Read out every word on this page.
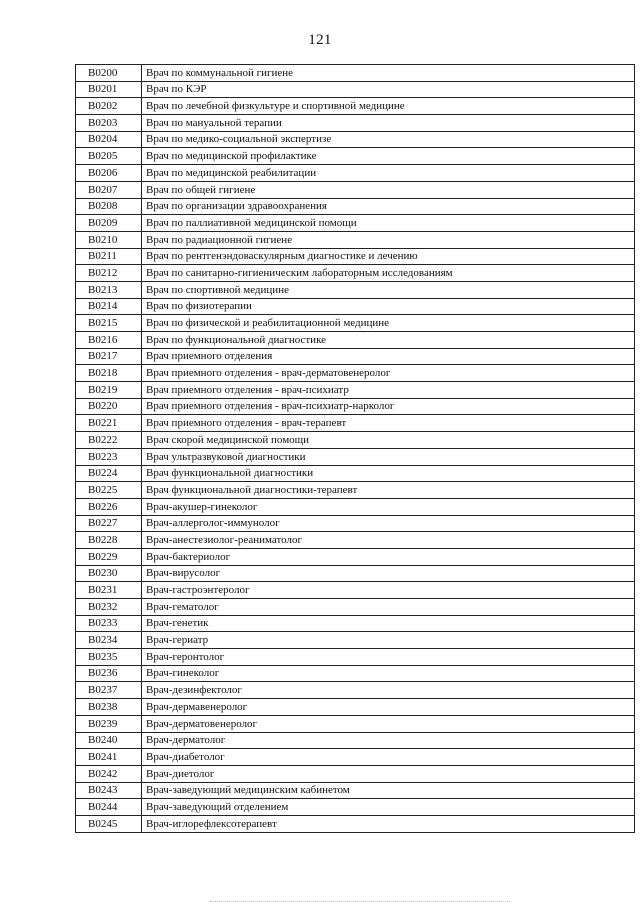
121
B0200	Врач по коммунальной гигиене
B0201	Врач по КЭР
B0202	Врач по лечебной физкультуре и спортивной медицине
B0203	Врач по мануальной терапии
B0204	Врач по медико-социальной экспертизе
B0205	Врач по медицинской профилактике
B0206	Врач по медицинской реабилитации
B0207	Врач по общей гигиене
B0208	Врач по организации здравоохранения
B0209	Врач по паллиативной медицинской помощи
B0210	Врач по радиационной гигиене
B0211	Врач по рентгенэндоваскулярным диагностике и лечению
B0212	Врач по санитарно-гигиеническим лабораторным исследованиям
B0213	Врач по спортивной медицине
B0214	Врач по физиотерапии
B0215	Врач по физической и реабилитационной медицине
B0216	Врач по функциональной диагностике
B0217	Врач приемного отделения
B0218	Врач приемного отделения - врач-дерматовенеролог
B0219	Врач приемного отделения - врач-психиатр
B0220	Врач приемного отделения - врач-психиатр-нарколог
B0221	Врач приемного отделения - врач-терапевт
B0222	Врач скорой медицинской помощи
B0223	Врач ультразвуковой диагностики
B0224	Врач функциональной диагностики
B0225	Врач функциональной диагностики-терапевт
B0226	Врач-акушер-гинеколог
B0227	Врач-аллерголог-иммунолог
B0228	Врач-анестезиолог-реаниматолог
B0229	Врач-бактериолог
B0230	Врач-вирусолог
B0231	Врач-гастроэнтеролог
B0232	Врач-гематолог
B0233	Врач-генетик
B0234	Врач-гериатр
B0235	Врач-геронтолог
B0236	Врач-гинеколог
B0237	Врач-дезинфектолог
B0238	Врач-дермавенеролог
B0239	Врач-дерматовенеролог
B0240	Врач-дерматолог
B0241	Врач-диабетолог
B0242	Врач-диетолог
B0243	Врач-заведующий медицинским кабинетом
B0244	Врач-заведующий отделением
B0245	Врач-иглорефлексотерапевт
